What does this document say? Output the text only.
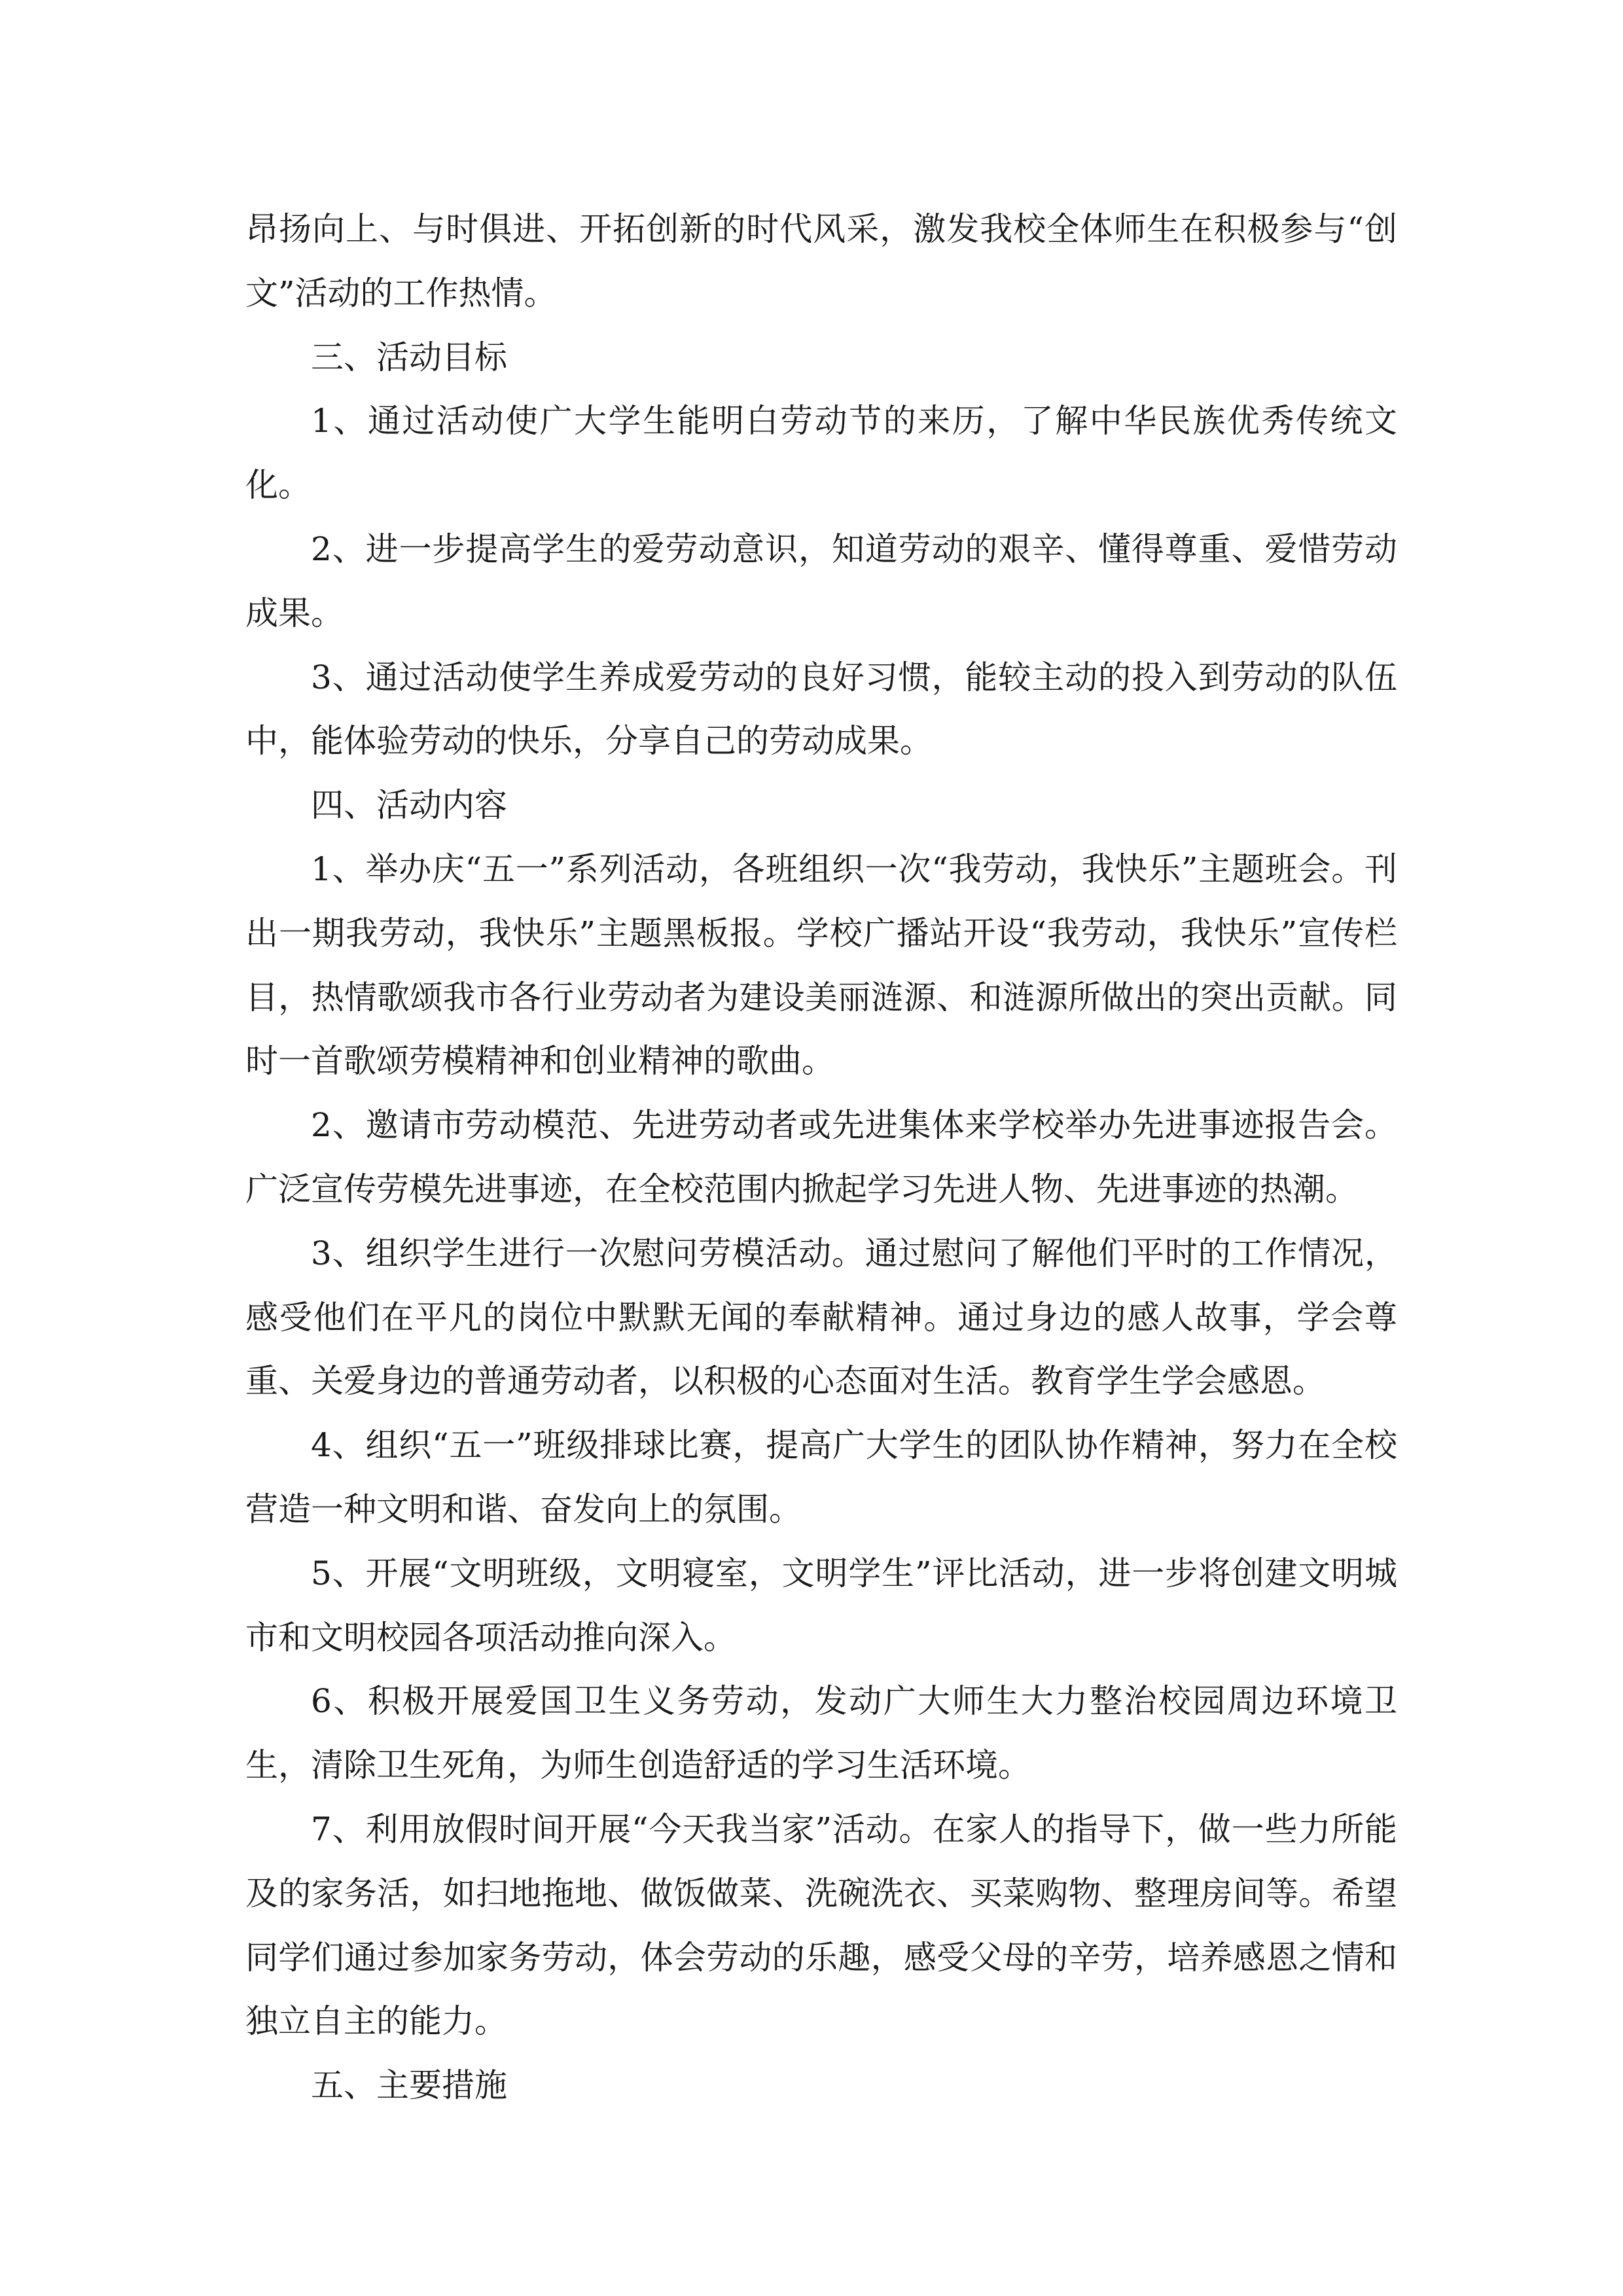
昂扬向上、与时俱进、开拓创新的时代风采，激发我校全体师生在积极参与“创文”活动的工作热情。

三、活动目标

1、通过活动使广大学生能明白劳动节的来历，了解中华民族优秀传统文化。

2、进一步提高学生的爱劳动意识，知道劳动的艰辛、懂得尊重、爱惜劳动成果。

3、通过活动使学生养成爱劳动的良好习惯，能较主动的投入到劳动的队伍中，能体验劳动的快乐，分享自己的劳动成果。

四、活动内容

1、举办庆“五一”系列活动，各班组织一次“我劳动，我快乐”主题班会。刊出一期我劳动，我快乐”主题黑板报。学校广播站开设“我劳动，我快乐”宣传栏目，热情歌颂我市各行业劳动者为建设美丽涟源、和涟源所做出的突出贡献。同时一首歌颂劳模精神和创业精神的歌曲。

2、邀请市劳动模范、先进劳动者或先进集体来学校举办先进事迹报告会。广泛宣传劳模先进事迹，在全校范围内掀起学习先进人物、先进事迹的热潮。

3、组织学生进行一次慰问劳模活动。通过慰问了解他们平时的工作情况，感受他们在平凡的岗位中默默无闻的奉献精神。通过身边的感人故事，学会尊重、关爱身边的普通劳动者，以积极的心态面对生活。教育学生学会感恩。

4、组织“五一”班级排球比赛，提高广大学生的团队协作精神，努力在全校营造一种文明和谐、奋发向上的氛围。

5、开展“文明班级，文明寝室，文明学生”评比活动，进一步将创建文明城市和文明校园各项活动推向深入。

6、积极开展爱国卫生义务劳动，发动广大师生大力整治校园周边环境卫生，清除卫生死角，为师生创造舒适的学习生活环境。

7、利用放假时间开展“今天我当家”活动。在家人的指导下，做一些力所能及的家务活，如扫地拖地、做饭做菜、洗碗洗衣、买菜购物、整理房间等。希望同学们通过参加家务劳动，体会劳动的乐趣，感受父母的辛劳，培养感恩之情和独立自主的能力。

五、主要措施
